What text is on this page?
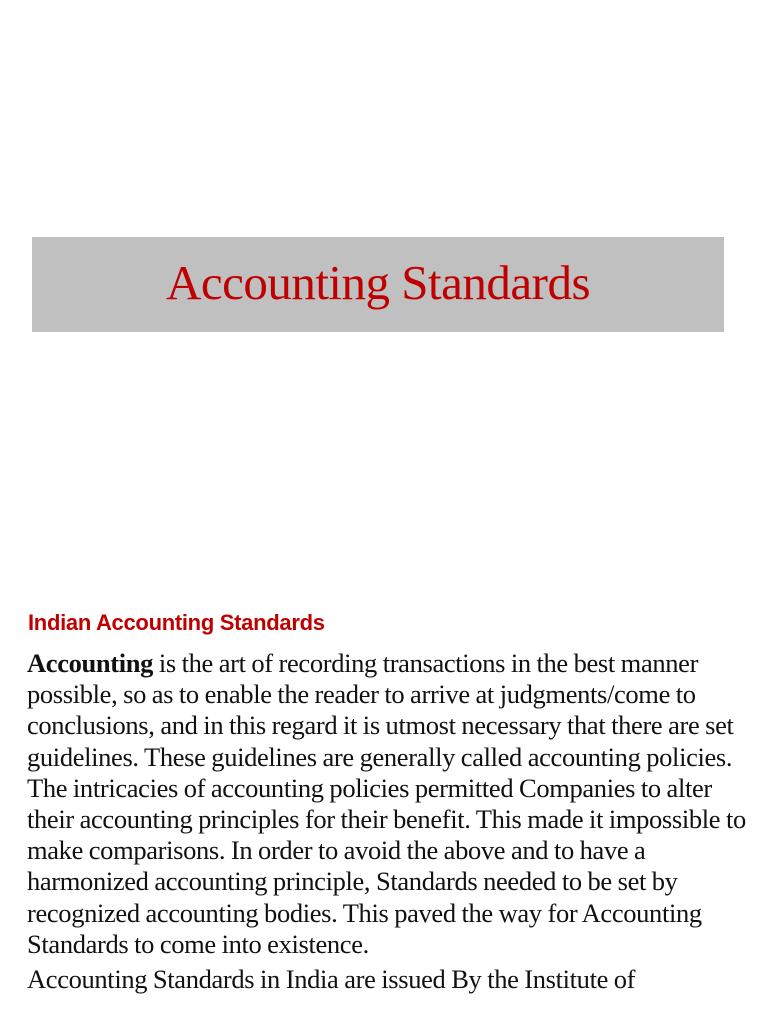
Accounting Standards
Indian Accounting Standards

Accounting is the art of recording transactions in the best manner possible, so as to enable the reader to arrive at judgments/come to conclusions, and in this regard it is utmost necessary that there are set guidelines. These guidelines are generally called accounting policies. The intricacies of accounting policies permitted Companies to alter their accounting principles for their benefit. This made it impossible to make comparisons. In order to avoid the above and to have a harmonized accounting principle, Standards needed to be set by recognized accounting bodies. This paved the way for Accounting Standards to come into existence.

Accounting Standards in India are issued By the Institute of
